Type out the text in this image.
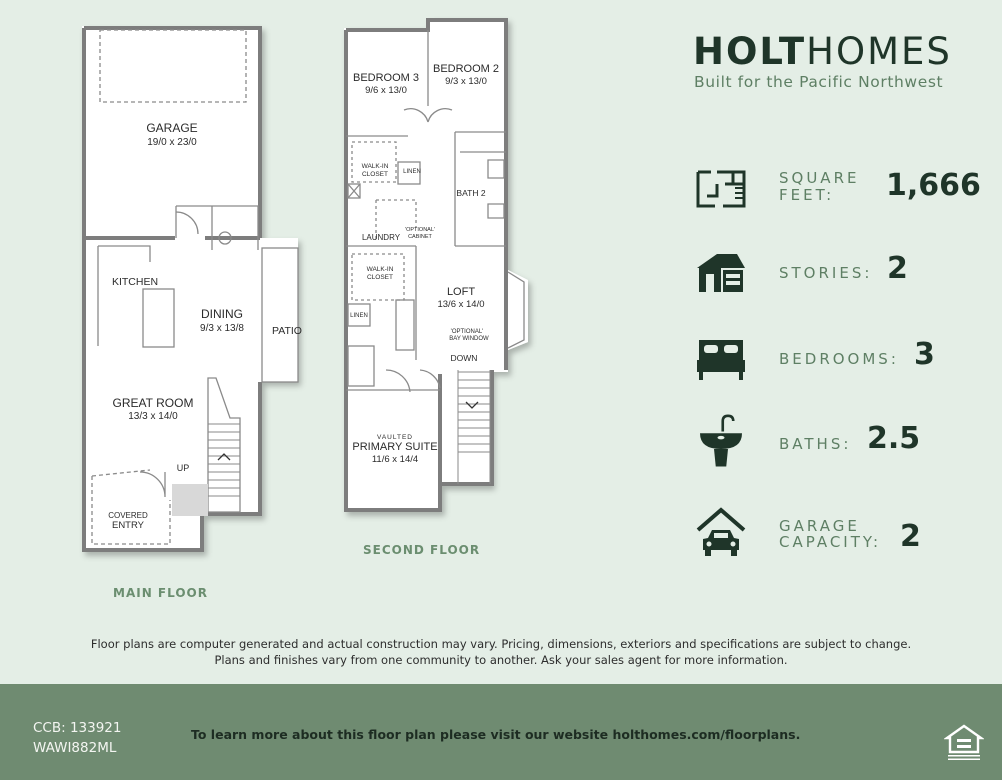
GARAGE
19/0 x 23/0
KITCHEN
DINING
9/3 x 13/8	PATIO
GREAT ROOM
13/3 x 14/0
UP
COVERED
ENTRY
BEDROOM 3
9/6 x 13/0
BEDROOM 2
9/3 x 13/0
WALK-IN
CLOSET	LINEN
BATH 2
LAUNDRY
'OPTIONAL'
CABINET
WALK-IN
CLOSET
LINEN
LOFT
13/6 x 14/0
'OPTIONAL'
BAY WINDOW
DOWN
VAULTED
PRIMARY SUITE
11/6 x 14/4
MAIN FLOOR
SECOND FLOOR
HOLTHOMES
Built for the Pacific Northwest
SQUARE
FEET: 1,666
STORIES: 2
BEDROOMS: 3
BATHS: 2.5
GARAGE
CAPACITY: 2
Floor plans are computer generated and actual construction may vary. Pricing, dimensions, exteriors and specifications are subject to change.
Plans and finishes vary from one community to another. Ask your sales agent for more information.
CCB: 133921
WAWI882ML
To learn more about this floor plan please visit our website holthomes.com/floorplans.
